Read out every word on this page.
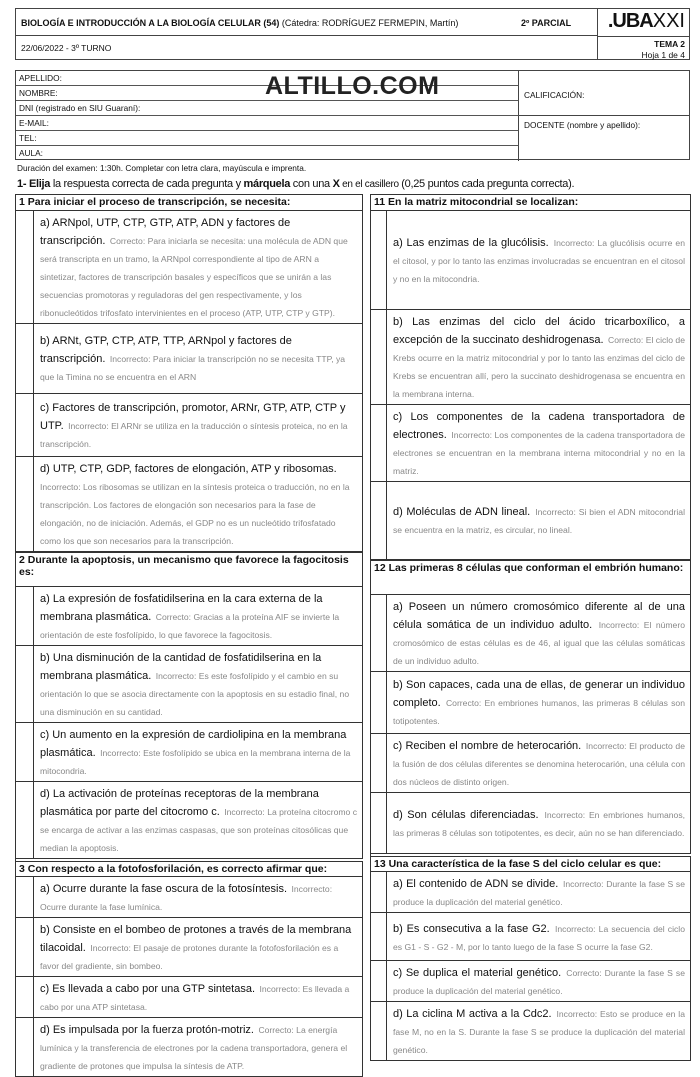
BIOLOGÍA E INTRODUCCIÓN A LA BIOLOGÍA CELULAR (54) (Cátedra: RODRÍGUEZ FERMEPIN, Martín)	2º PARCIAL
22/06/2022 - 3º TURNO
.UBAXXI
TEMA 2
Hoja 1 de 4
APELLIDO:
NOMBRE:
DNI (registrado en SIU Guaraní):
E-MAIL:
TEL:
AULA:
CALIFICACIÓN:
DOCENTE (nombre y apellido):
ALTILLO.COM
Duración del examen: 1:30h. Completar con letra clara, mayúscula e imprenta.
1- Elija la respuesta correcta de cada pregunta y márquela con una X en el casillero (0,25 puntos cada pregunta correcta).
1 Para iniciar el proceso de transcripción, se necesita:
a) ARNpol, UTP, CTP, GTP, ATP, ADN y factores de transcripción. Correcto: Para iniciarla se necesita: una molécula de ADN que será transcripta en un tramo, la ARNpol correspondiente al tipo de ARN a sintetizar, factores de transcripción basales y específicos que se unirán a las secuencias promotoras y reguladoras del gen respectivamente, y los ribonucleótidos trifosfato intervinientes en el proceso (ATP, UTP, CTP y GTP).
b) ARNt, GTP, CTP, ATP, TTP, ARNpol y factores de transcripción. Incorrecto: Para iniciar la transcripción no se necesita TTP, ya que la Timina no se encuentra en el ARN
c) Factores de transcripción, promotor, ARNr, GTP, ATP, CTP y UTP. Incorrecto: El ARNr se utiliza en la traducción o síntesis proteica, no en la transcripción.
d) UTP, CTP, GDP, factores de elongación, ATP y ribosomas. Incorrecto: Los ribosomas se utilizan en la síntesis proteica o traducción, no en la transcripción. Los factores de elongación son necesarios para la fase de elongación, no de iniciación. Además, el GDP no es un nucleótido trifosfatado como los que son necesarios para la transcripción.
2 Durante la apoptosis, un mecanismo que favorece la fagocitosis es:
a) La expresión de fosfatidilserina en la cara externa de la membrana plasmática. Correcto: Gracias a la proteína AIF se invierte la orientación de este fosfolípido, lo que favorece la fagocitosis.
b) Una disminución de la cantidad de fosfatidilserina en la membrana plasmática. Incorrecto: Es este fosfolípido y el cambio en su orientación lo que se asocia directamente con la apoptosis en su estadio final, no una disminución en su cantidad.
c) Un aumento en la expresión de cardiolipina en la membrana plasmática. Incorrecto: Este fosfolípido se ubica en la membrana interna de la mitocondria.
d) La activación de proteínas receptoras de la membrana plasmática por parte del citocromo c. Incorrecto: La proteína citocromo c se encarga de activar a las enzimas caspasas, que son proteínas citosólicas que median la apoptosis.
3 Con respecto a la fotofosforilación, es correcto afirmar que:
a) Ocurre durante la fase oscura de la fotosíntesis. Incorrecto: Ocurre durante la fase lumínica.
b) Consiste en el bombeo de protones a través de la membrana tilacoidal. Incorrecto: El pasaje de protones durante la fotofosforilación es a favor del gradiente, sin bombeo.
c) Es llevada a cabo por una GTP sintetasa. Incorrecto: Es llevada a cabo por una ATP sintetasa.
d) Es impulsada por la fuerza protón-motriz. Correcto: La energía lumínica y la transferencia de electrones por la cadena transportadora, genera el gradiente de protones que impulsa la síntesis de ATP.
11 En la matriz mitocondrial se localizan:
a) Las enzimas de la glucólisis. Incorrecto: La glucólisis ocurre en el citosol, y por lo tanto las enzimas involucradas se encuentran en el citosol y no en la mitocondria.
b) Las enzimas del ciclo del ácido tricarboxílico, a excepción de la succinato deshidrogenasa. Correcto: El ciclo de Krebs ocurre en la matriz mitocondrial y por lo tanto las enzimas del ciclo de Krebs se encuentran allí, pero la succinato deshidrogenasa se encuentra en la membrana interna.
c) Los componentes de la cadena transportadora de electrones. Incorrecto: Los componentes de la cadena transportadora de electrones se encuentran en la membrana interna mitocondrial y no en la matriz.
d) Moléculas de ADN lineal. Incorrecto: Si bien el ADN mitocondrial se encuentra en la matriz, es circular, no lineal.
12 Las primeras 8 células que conforman el embrión humano:
a) Poseen un número cromosómico diferente al de una célula somática de un individuo adulto. Incorrecto: El número cromosómico de estas células es de 46, al igual que las células somáticas de un individuo adulto.
b) Son capaces, cada una de ellas, de generar un individuo completo. Correcto: En embriones humanos, las primeras 8 células son totipotentes.
c) Reciben el nombre de heterocarión. Incorrecto: El producto de la fusión de dos células diferentes se denomina heterocarión, una célula con dos núcleos de distinto origen.
d) Son células diferenciadas. Incorrecto: En embriones humanos, las primeras 8 células son totipotentes, es decir, aún no se han diferenciado.
13 Una característica de la fase S del ciclo celular es que:
a) El contenido de ADN se divide. Incorrecto: Durante la fase S se produce la duplicación del material genético.
b) Es consecutiva a la fase G2. Incorrecto: La secuencia del ciclo es G1 - S - G2 - M, por lo tanto luego de la fase S ocurre la fase G2.
c) Se duplica el material genético. Correcto: Durante la fase S se produce la duplicación del material genético.
d) La ciclina M activa a la Cdc2. Incorrecto: Esto se produce en la fase M, no en la S. Durante la fase S se produce la duplicación del material genético.
